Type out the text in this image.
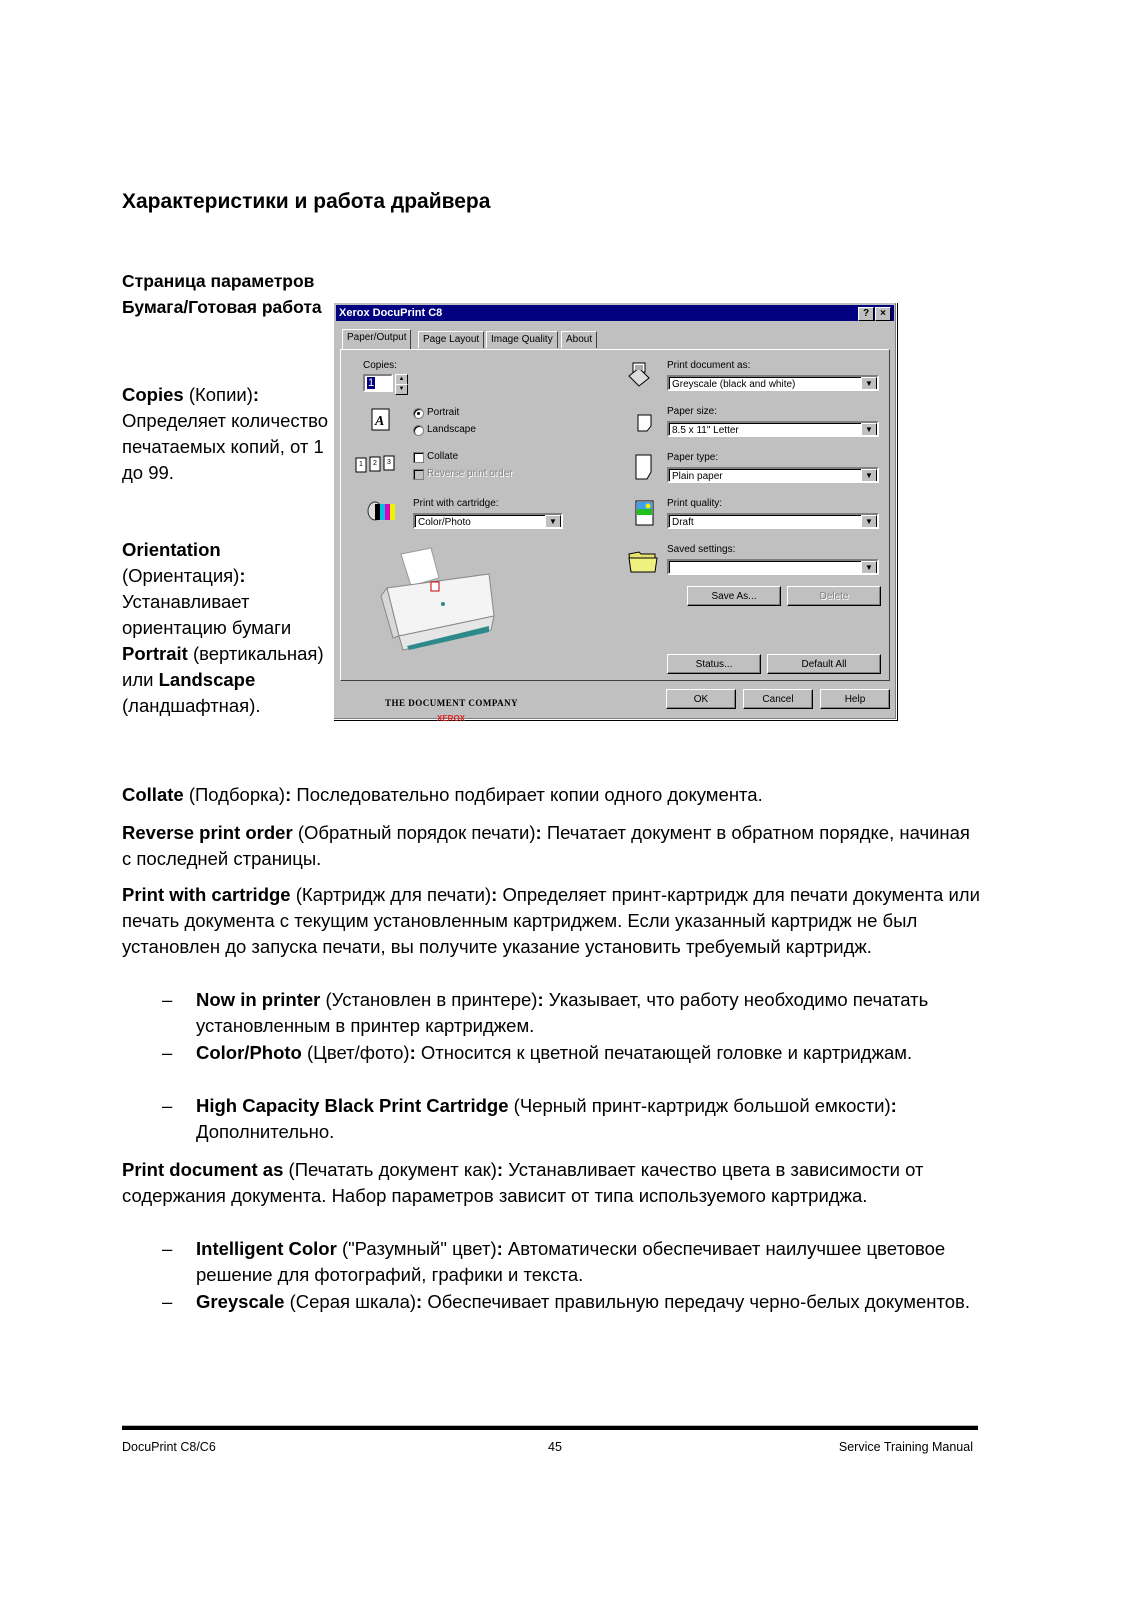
Характеристики и работа драйвера
Страница параметров Бумага/Готовая работа
Copies (Копии): Определяет количество печатаемых копий, от 1 до 99.
Orientation
(Ориентация): Устанавливает ориентацию бумаги Portrait (вертикальная) или Landscape (ландшафтная).
Xerox DocuPrint C8	?	×
Paper/Output	Page Layout	Image Quality	About
Copies:
1	▲
▼
A
Portrait
Landscape
1 2 3
Collate
Reverse print order
Print with cartridge:
Color/Photo	▼
THE DOCUMENT COMPANY
XEROX
Print document as:
Greyscale (black and white)	▼
Paper size:
8.5 x 11" Letter	▼
Paper type:
Plain paper	▼
Print quality:
Draft	▼
Saved settings:
▼
Save As...	Delete
Status...	Default All
OK	Cancel	Help
Collate (Подборка): Последовательно подбирает копии одного документа.
Reverse print order (Обратный порядок печати): Печатает документ в обратном порядке, начиная с последней страницы.
Print with cartridge (Картридж для печати): Определяет принт-картридж для печати документа или печать документа с текущим установленным картриджем. Если указанный картридж не был установлен до запуска печати, вы получите указание установить требуемый картридж.
– Now in printer (Установлен в принтере): Указывает, что работу необходимо печатать установленным в принтер картриджем.
– Color/Photo (Цвет/фото): Относится к цветной печатающей головке и картриджам.
– High Capacity Black Print Cartridge (Черный принт-картридж большой емкости): Дополнительно.
Print document as (Печатать документ как): Устанавливает качество цвета в зависимости от содержания документа. Набор параметров зависит от типа используемого картриджа.
– Intelligent Color ("Разумный" цвет): Автоматически обеспечивает наилучшее цветовое решение для фотографий, графики и текста.
– Greyscale (Серая шкала): Обеспечивает правильную передачу черно-белых документов.
DocuPrint C8/C6	45	Service Training Manual
